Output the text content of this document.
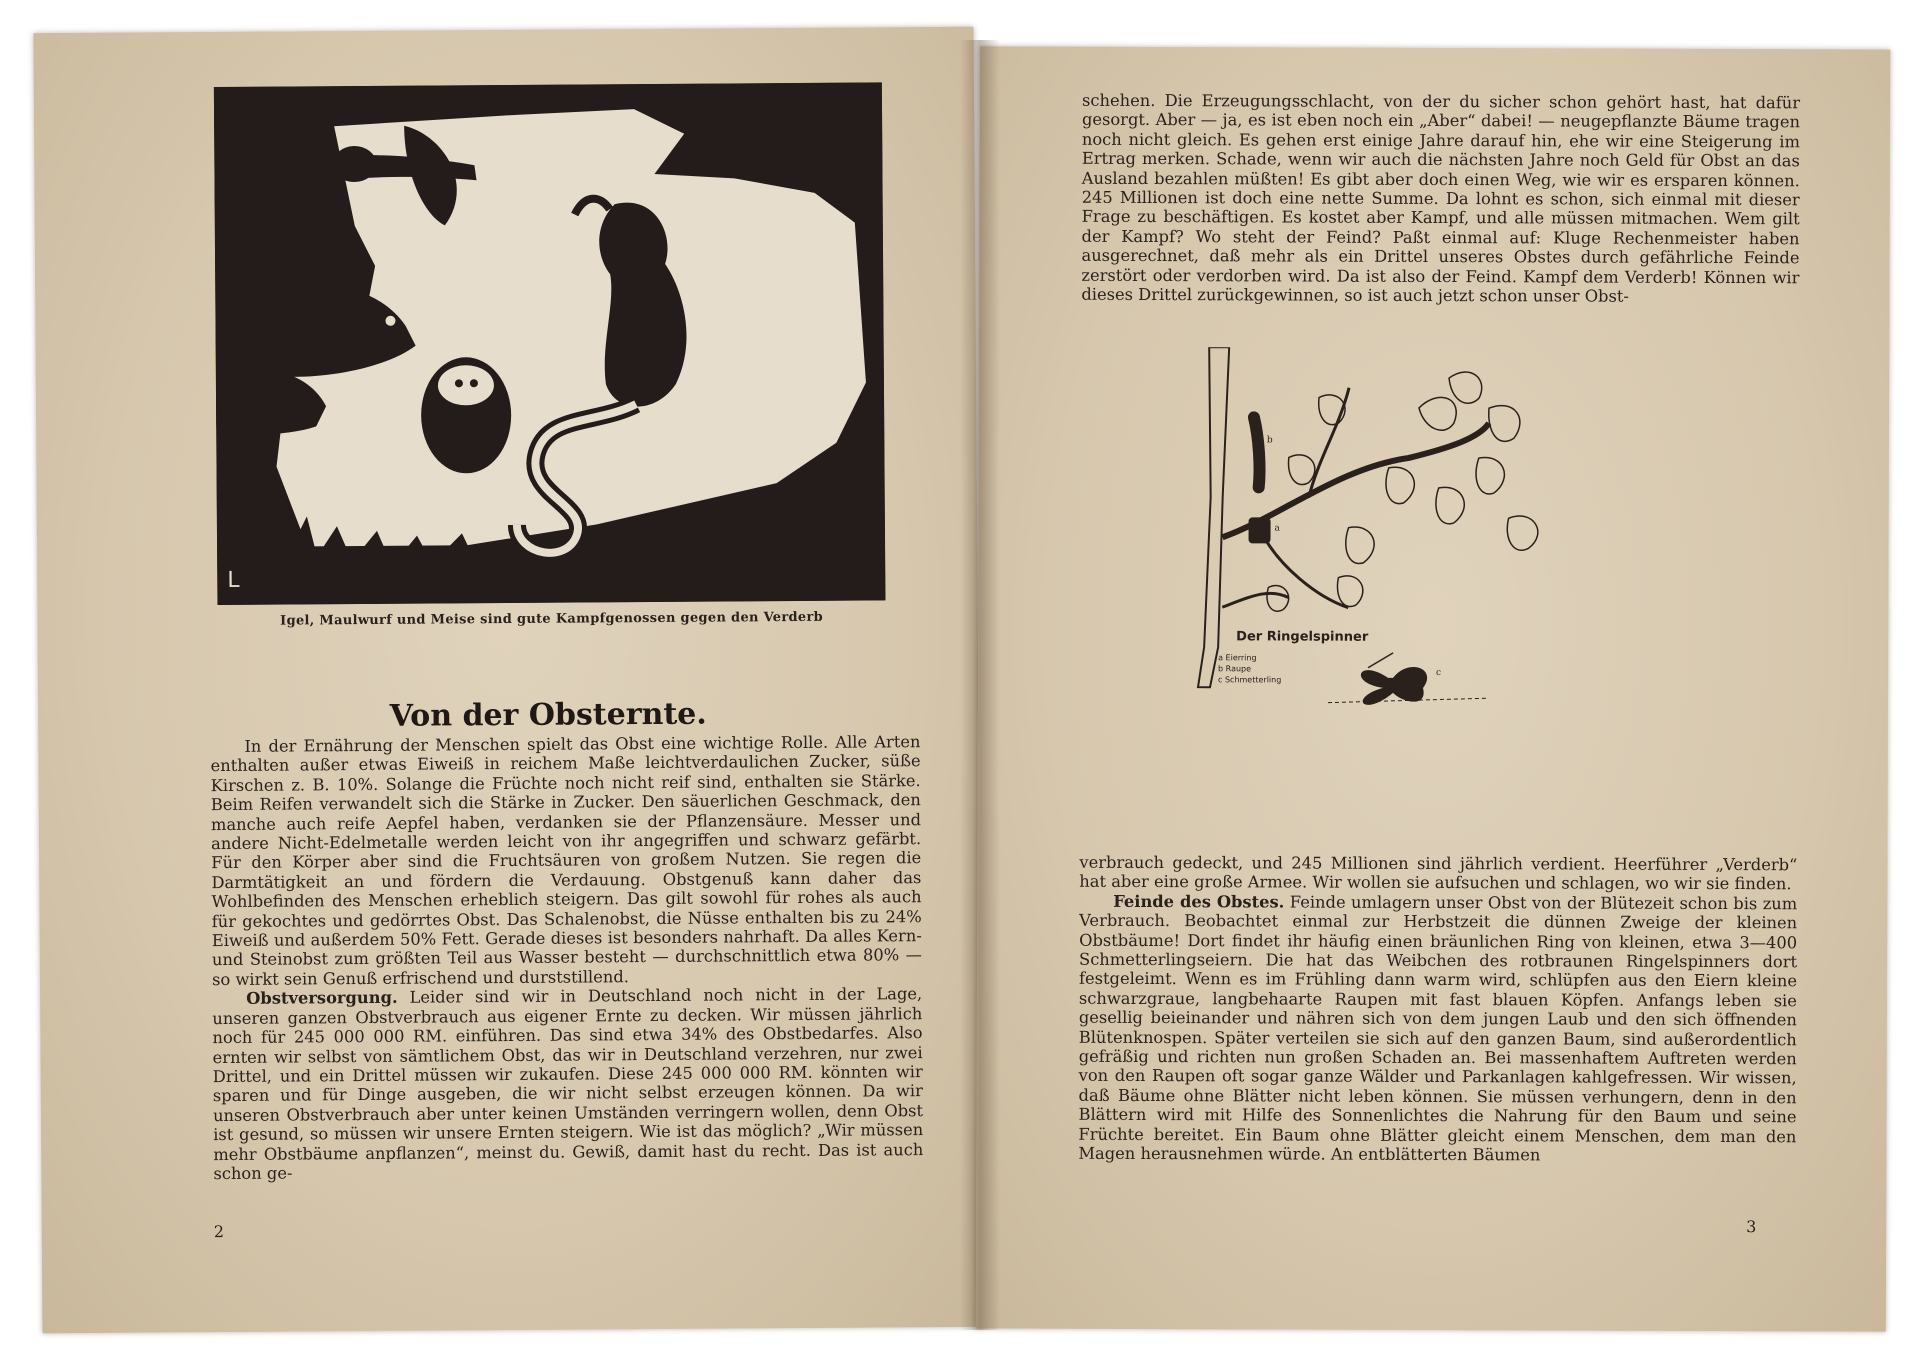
L
Igel, Maulwurf und Meise sind gute Kampfgenossen gegen den Verderb
Von der Obsternte.

In der Ernährung der Menschen spielt das Obst eine wichtige Rolle. Alle Arten enthalten außer etwas Eiweiß in reichem Maße leichtverdaulichen Zucker, süße Kirschen z. B. 10%. Solange die Früchte noch nicht reif sind, enthalten sie Stärke. Beim Reifen verwandelt sich die Stärke in Zucker. Den säuerlichen Geschmack, den manche auch reife Aepfel haben, verdanken sie der Pflanzensäure. Messer und andere Nicht-Edelmetalle werden leicht von ihr angegriffen und schwarz gefärbt. Für den Körper aber sind die Fruchtsäuren von großem Nutzen. Sie regen die Darmtätigkeit an und fördern die Verdauung. Obstgenuß kann daher das Wohlbefinden des Menschen erheblich steigern. Das gilt sowohl für rohes als auch für gekochtes und gedörrtes Obst. Das Schalenobst, die Nüsse enthalten bis zu 24% Eiweiß und außerdem 50% Fett. Gerade dieses ist besonders nahrhaft. Da alles Kern- und Steinobst zum größten Teil aus Wasser besteht — durchschnittlich etwa 80% — so wirkt sein Genuß erfrischend und durststillend.

Obstversorgung. Leider sind wir in Deutschland noch nicht in der Lage, unseren ganzen Obstverbrauch aus eigener Ernte zu decken. Wir müssen jährlich noch für 245 000 000 RM. einführen. Das sind etwa 34% des Obstbedarfes. Also ernten wir selbst von sämtlichem Obst, das wir in Deutschland verzehren, nur zwei Drittel, und ein Drittel müssen wir zukaufen. Diese 245 000 000 RM. könnten wir sparen und für Dinge ausgeben, die wir nicht selbst erzeugen können. Da wir unseren Obstverbrauch aber unter keinen Umständen verringern wollen, denn Obst ist gesund, so müssen wir unsere Ernten steigern. Wie ist das möglich? „Wir müssen mehr Obstbäume anpflanzen“, meinst du. Gewiß, damit hast du recht. Das ist auch schon ge-

2

schehen. Die Erzeugungsschlacht, von der du sicher schon gehört hast, hat dafür gesorgt. Aber — ja, es ist eben noch ein „Aber“ dabei! — neugepflanzte Bäume tragen noch nicht gleich. Es gehen erst einige Jahre darauf hin, ehe wir eine Steigerung im Ertrag merken. Schade, wenn wir auch die nächsten Jahre noch Geld für Obst an das Ausland bezahlen müßten! Es gibt aber doch einen Weg, wie wir es ersparen können. 245 Millionen ist doch eine nette Summe. Da lohnt es schon, sich einmal mit dieser Frage zu beschäftigen. Es kostet aber Kampf, und alle müssen mitmachen. Wem gilt der Kampf? Wo steht der Feind? Paßt einmal auf: Kluge Rechenmeister haben ausgerechnet, daß mehr als ein Drittel unseres Obstes durch gefährliche Feinde zerstört oder verdorben wird. Da ist also der Feind. Kampf dem Verderb! Können wir dieses Drittel zurückgewinnen, so ist auch jetzt schon unser Obst-

Der Ringelspinner
a Eierring
b Raupe
c Schmetterling
a
b
c

verbrauch gedeckt, und 245 Millionen sind jährlich verdient. Heerführer „Verderb“ hat aber eine große Armee. Wir wollen sie aufsuchen und schlagen, wo wir sie finden.

Feinde des Obstes. Feinde umlagern unser Obst von der Blütezeit schon bis zum Verbrauch. Beobachtet einmal zur Herbstzeit die dünnen Zweige der kleinen Obstbäume! Dort findet ihr häufig einen bräunlichen Ring von kleinen, etwa 3—400 Schmetterlingseiern. Die hat das Weibchen des rotbraunen Ringelspinners dort festgeleimt. Wenn es im Frühling dann warm wird, schlüpfen aus den Eiern kleine schwarzgraue, langbehaarte Raupen mit fast blauen Köpfen. Anfangs leben sie gesellig beieinander und nähren sich von dem jungen Laub und den sich öffnenden Blütenknospen. Später verteilen sie sich auf den ganzen Baum, sind außerordentlich gefräßig und richten nun großen Schaden an. Bei massenhaftem Auftreten werden von den Raupen oft sogar ganze Wälder und Parkanlagen kahlgefressen. Wir wissen, daß Bäume ohne Blätter nicht leben können. Sie müssen verhungern, denn in den Blättern wird mit Hilfe des Sonnenlichtes die Nahrung für den Baum und seine Früchte bereitet. Ein Baum ohne Blätter gleicht einem Menschen, dem man den Magen herausnehmen würde. An entblätterten Bäumen

3
